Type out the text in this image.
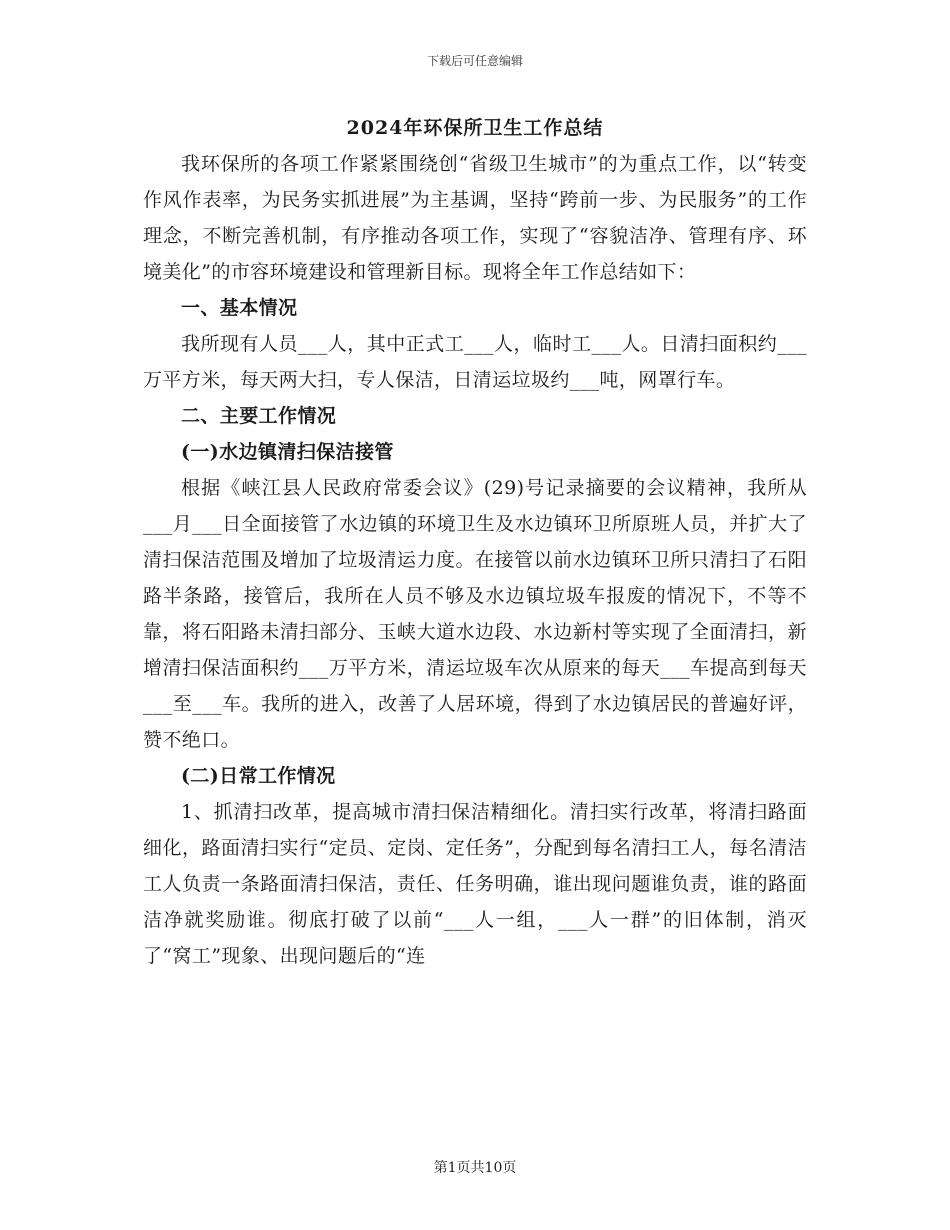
下载后可任意编辑
2024年环保所卫生工作总结

我环保所的各项工作紧紧围绕创“省级卫生城市”的为重点工作，以“转变作风作表率，为民务实抓进展”为主基调，坚持“跨前一步、为民服务”的工作理念，不断完善机制，有序推动各项工作，实现了“容貌洁净、管理有序、环境美化”的市容环境建设和管理新目标。现将全年工作总结如下：

一、基本情况

我所现有人员___人，其中正式工___人，临时工___人。日清扫面积约___万平方米，每天两大扫，专人保洁，日清运垃圾约___吨，网罩行车。

二、主要工作情况
(一)水边镇清扫保洁接管

根据《峡江县人民政府常委会议》(29)号记录摘要的会议精神，我所从___月___日全面接管了水边镇的环境卫生及水边镇环卫所原班人员，并扩大了清扫保洁范围及增加了垃圾清运力度。在接管以前水边镇环卫所只清扫了石阳路半条路，接管后，我所在人员不够及水边镇垃圾车报废的情况下，不等不靠，将石阳路未清扫部分、玉峡大道水边段、水边新村等实现了全面清扫，新增清扫保洁面积约___万平方米，清运垃圾车次从原来的每天___车提高到每天___至___车。我所的进入，改善了人居环境，得到了水边镇居民的普遍好评，赞不绝口。

(二)日常工作情况

1、抓清扫改革，提高城市清扫保洁精细化。清扫实行改革，将清扫路面细化，路面清扫实行“定员、定岗、定任务”，分配到每名清扫工人，每名清洁工人负责一条路面清扫保洁，责任、任务明确，谁出现问题谁负责，谁的路面洁净就奖励谁。彻底打破了以前“___人一组，___人一群”的旧体制，消灭了“窝工”现象、出现问题后的“连

第1页共10页
